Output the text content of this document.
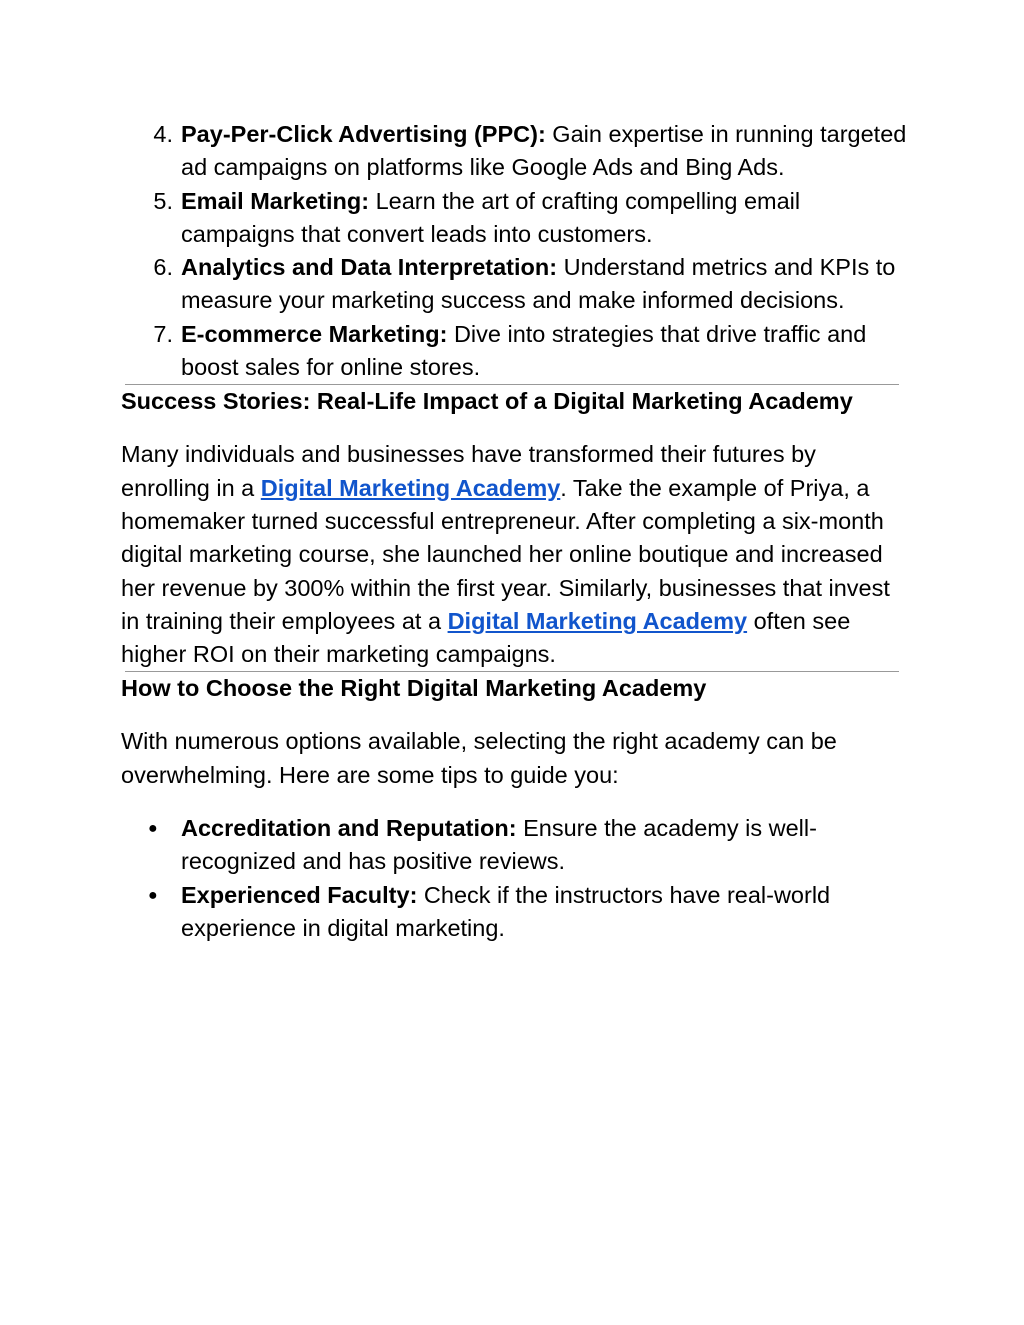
4. Pay-Per-Click Advertising (PPC): Gain expertise in running targeted ad campaigns on platforms like Google Ads and Bing Ads.
5. Email Marketing: Learn the art of crafting compelling email campaigns that convert leads into customers.
6. Analytics and Data Interpretation: Understand metrics and KPIs to measure your marketing success and make informed decisions.
7. E-commerce Marketing: Dive into strategies that drive traffic and boost sales for online stores.
Success Stories: Real-Life Impact of a Digital Marketing Academy

Many individuals and businesses have transformed their futures by enrolling in a Digital Marketing Academy. Take the example of Priya, a homemaker turned successful entrepreneur. After completing a six-month digital marketing course, she launched her online boutique and increased her revenue by 300% within the first year. Similarly, businesses that invest in training their employees at a Digital Marketing Academy often see higher ROI on their marketing campaigns.

How to Choose the Right Digital Marketing Academy

With numerous options available, selecting the right academy can be overwhelming. Here are some tips to guide you:

● Accreditation and Reputation: Ensure the academy is well-recognized and has positive reviews.
● Experienced Faculty: Check if the instructors have real-world experience in digital marketing.
